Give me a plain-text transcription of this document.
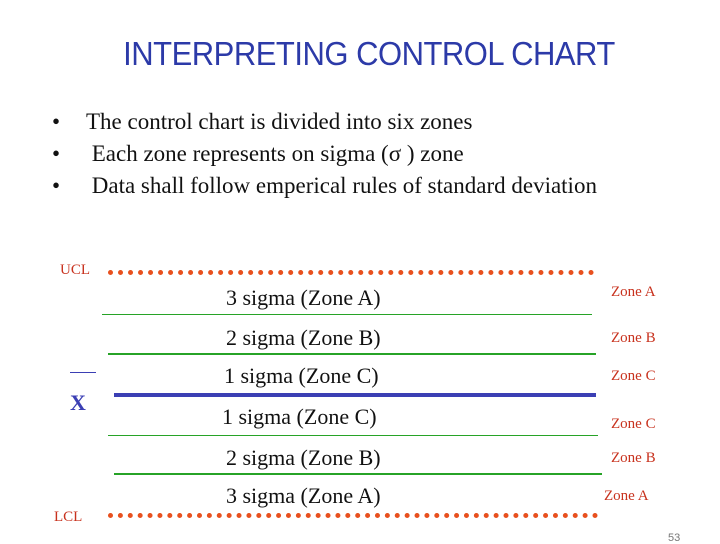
INTERPRETING CONTROL CHART
• The control chart is divided into six zones
• Each zone represents on sigma (σ ) zone
• Data shall follow emperical rules of standard deviation
UCL
3 sigma (Zone A)	Zone A
2 sigma (Zone B)	Zone B
1 sigma (Zone C)	Zone C
X
1 sigma (Zone C)	Zone C
2 sigma (Zone B)	Zone B
3 sigma (Zone A)	Zone A
LCL
53
